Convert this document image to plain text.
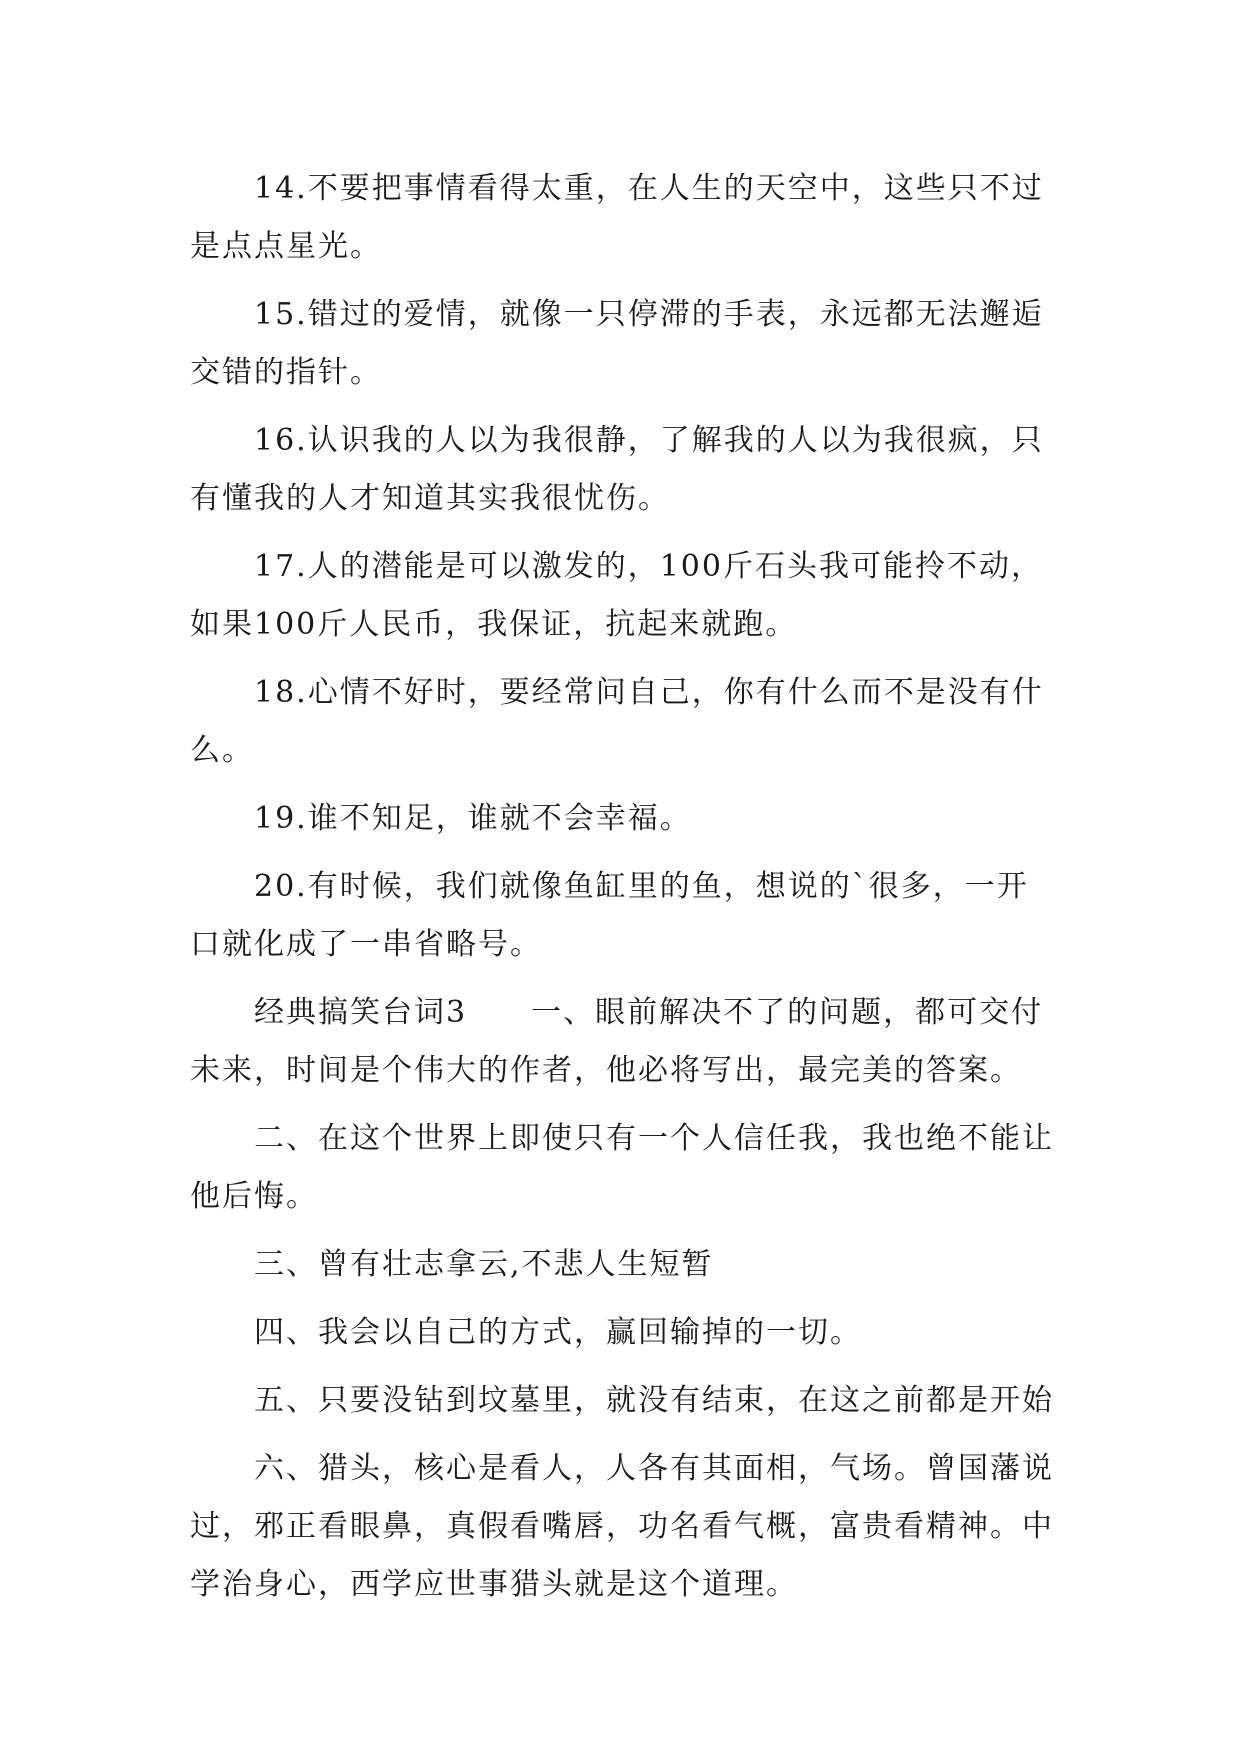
14.不要把事情看得太重，在人生的天空中，这些只不过是点点星光。

15.错过的爱情，就像一只停滞的手表，永远都无法邂逅交错的指针。

16.认识我的人以为我很静，了解我的人以为我很疯，只有懂我的人才知道其实我很忧伤。

17.人的潜能是可以激发的，100斤石头我可能拎不动，如果100斤人民币，我保证，抗起来就跑。

18.心情不好时，要经常问自己，你有什么而不是没有什么。

19.谁不知足，谁就不会幸福。

20.有时候，我们就像鱼缸里的鱼，想说的`很多，一开口就化成了一串省略号。

经典搞笑台词3　　一、眼前解决不了的问题，都可交付未来，时间是个伟大的作者，他必将写出，最完美的答案。

二、在这个世界上即使只有一个人信任我，我也绝不能让他后悔。

三、曾有壮志拿云,不悲人生短暂

四、我会以自己的方式，赢回输掉的一切。

五、只要没钻到坟墓里，就没有结束，在这之前都是开始

六、猎头，核心是看人，人各有其面相，气场。曾国藩说过，邪正看眼鼻，真假看嘴唇，功名看气概，富贵看精神。中学治身心，西学应世事猎头就是这个道理。
